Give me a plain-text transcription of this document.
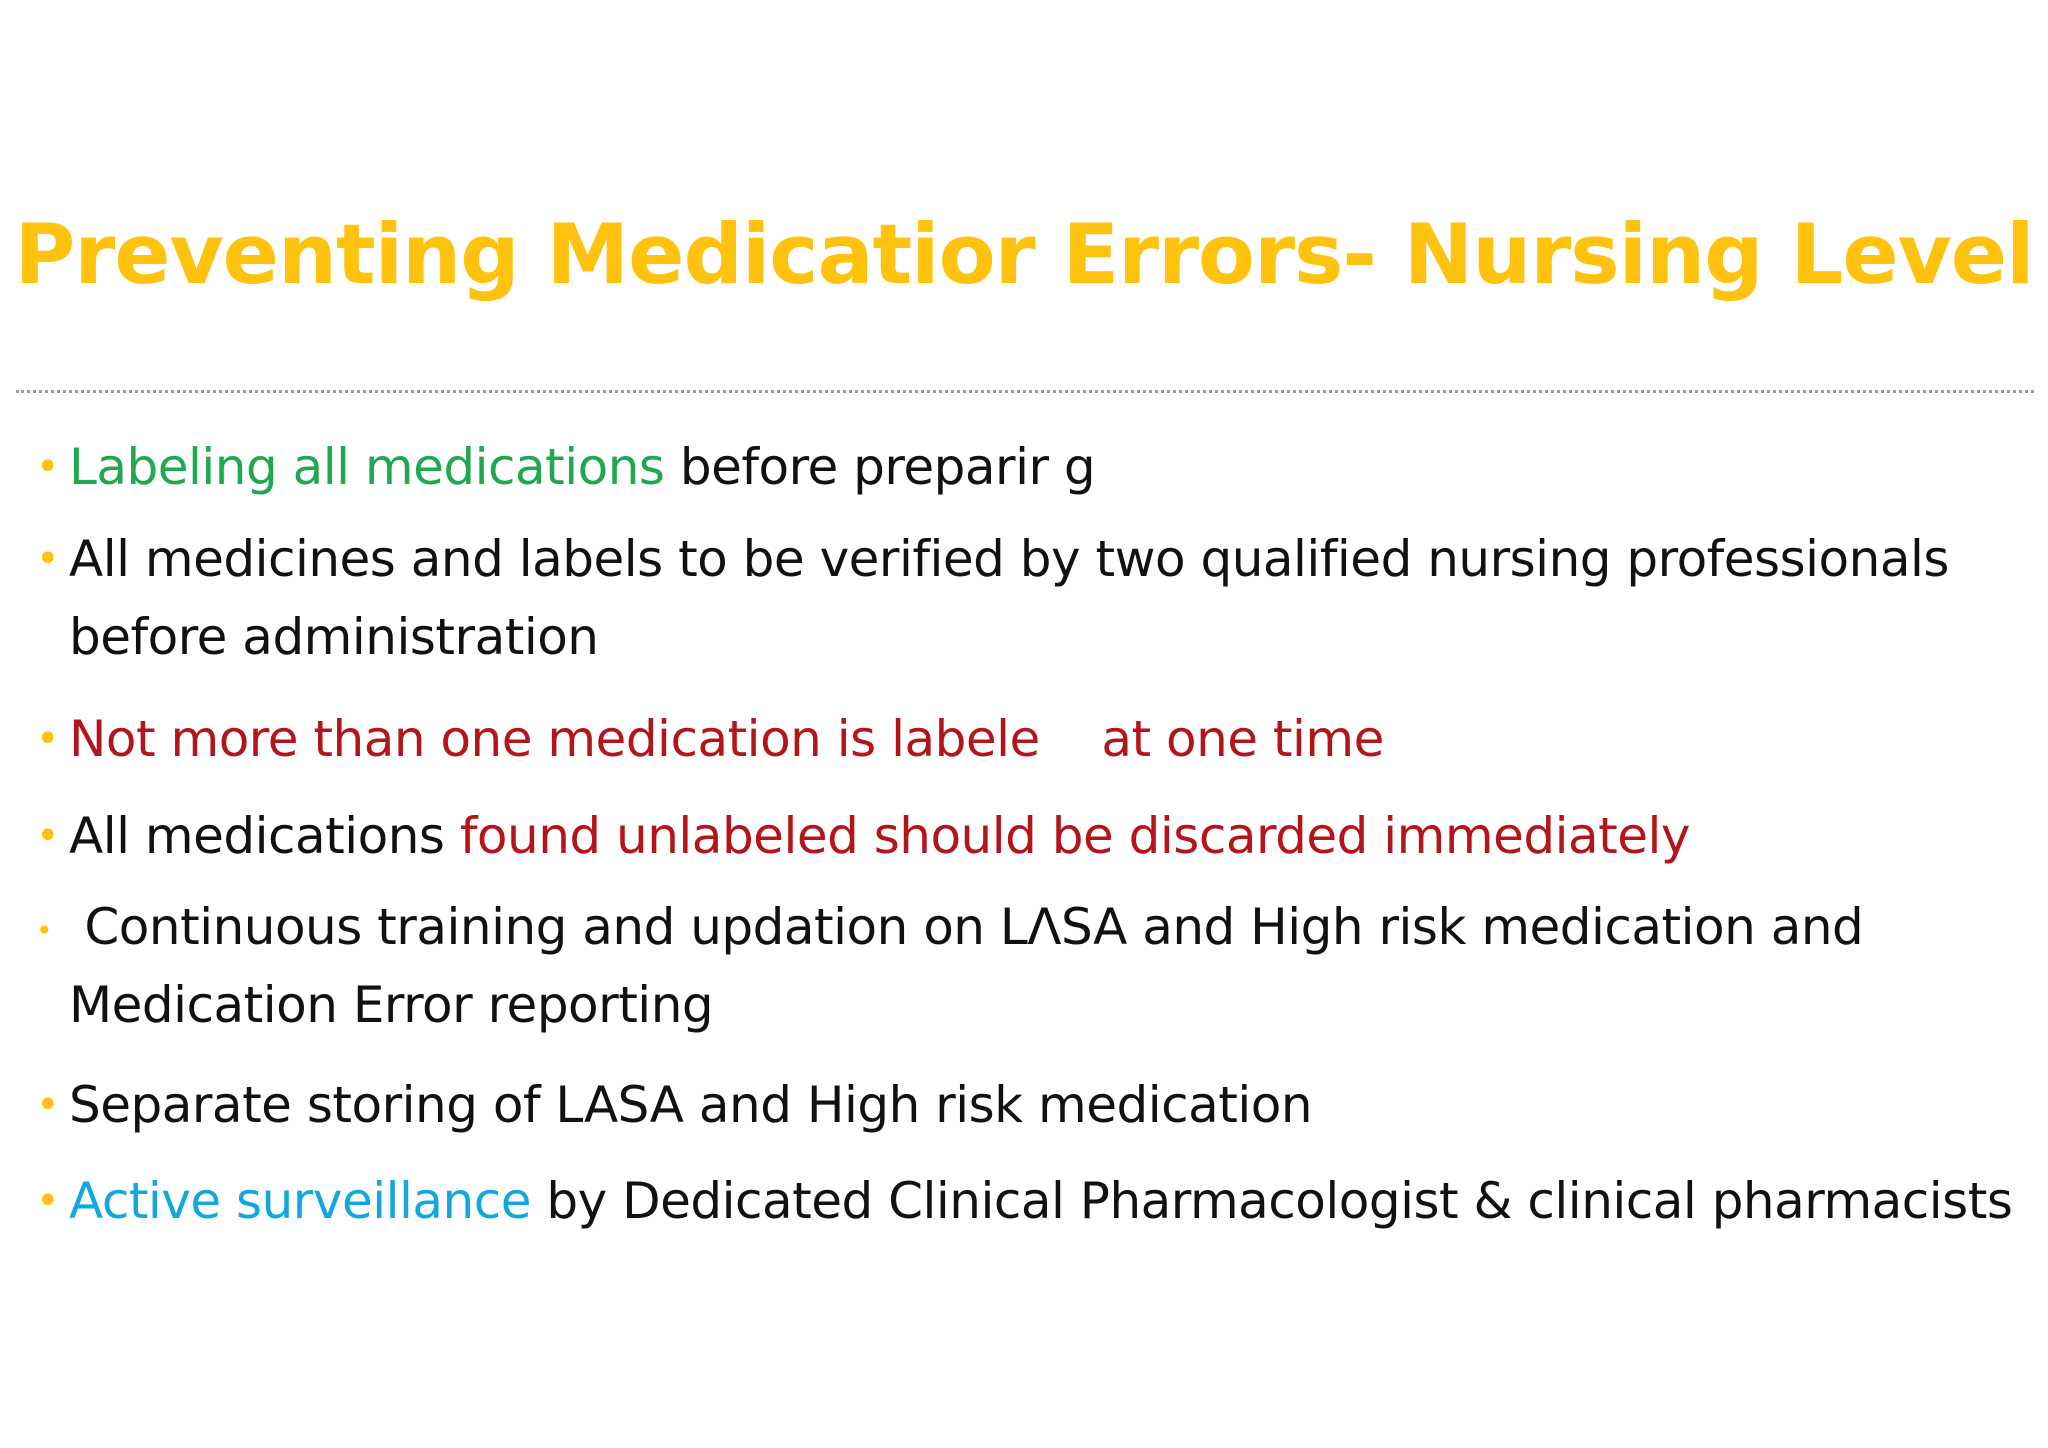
Preventing Medicatior Errors- Nursing Level
• Labeling all medications before preparir g
• All medicines and labels to be verified by two qualified nursing professionals
before administration
• Not more than one medication is labele    at one time
• All medications found unlabeled should be discarded immediately
• Continuous training and updation on LɅSA and High risk medication and
Medication Error reporting
• Separate storing of LASA and High risk medication
• Active surveillance by Dedicated Clinical Pharmacologist & clinical pharmacists
